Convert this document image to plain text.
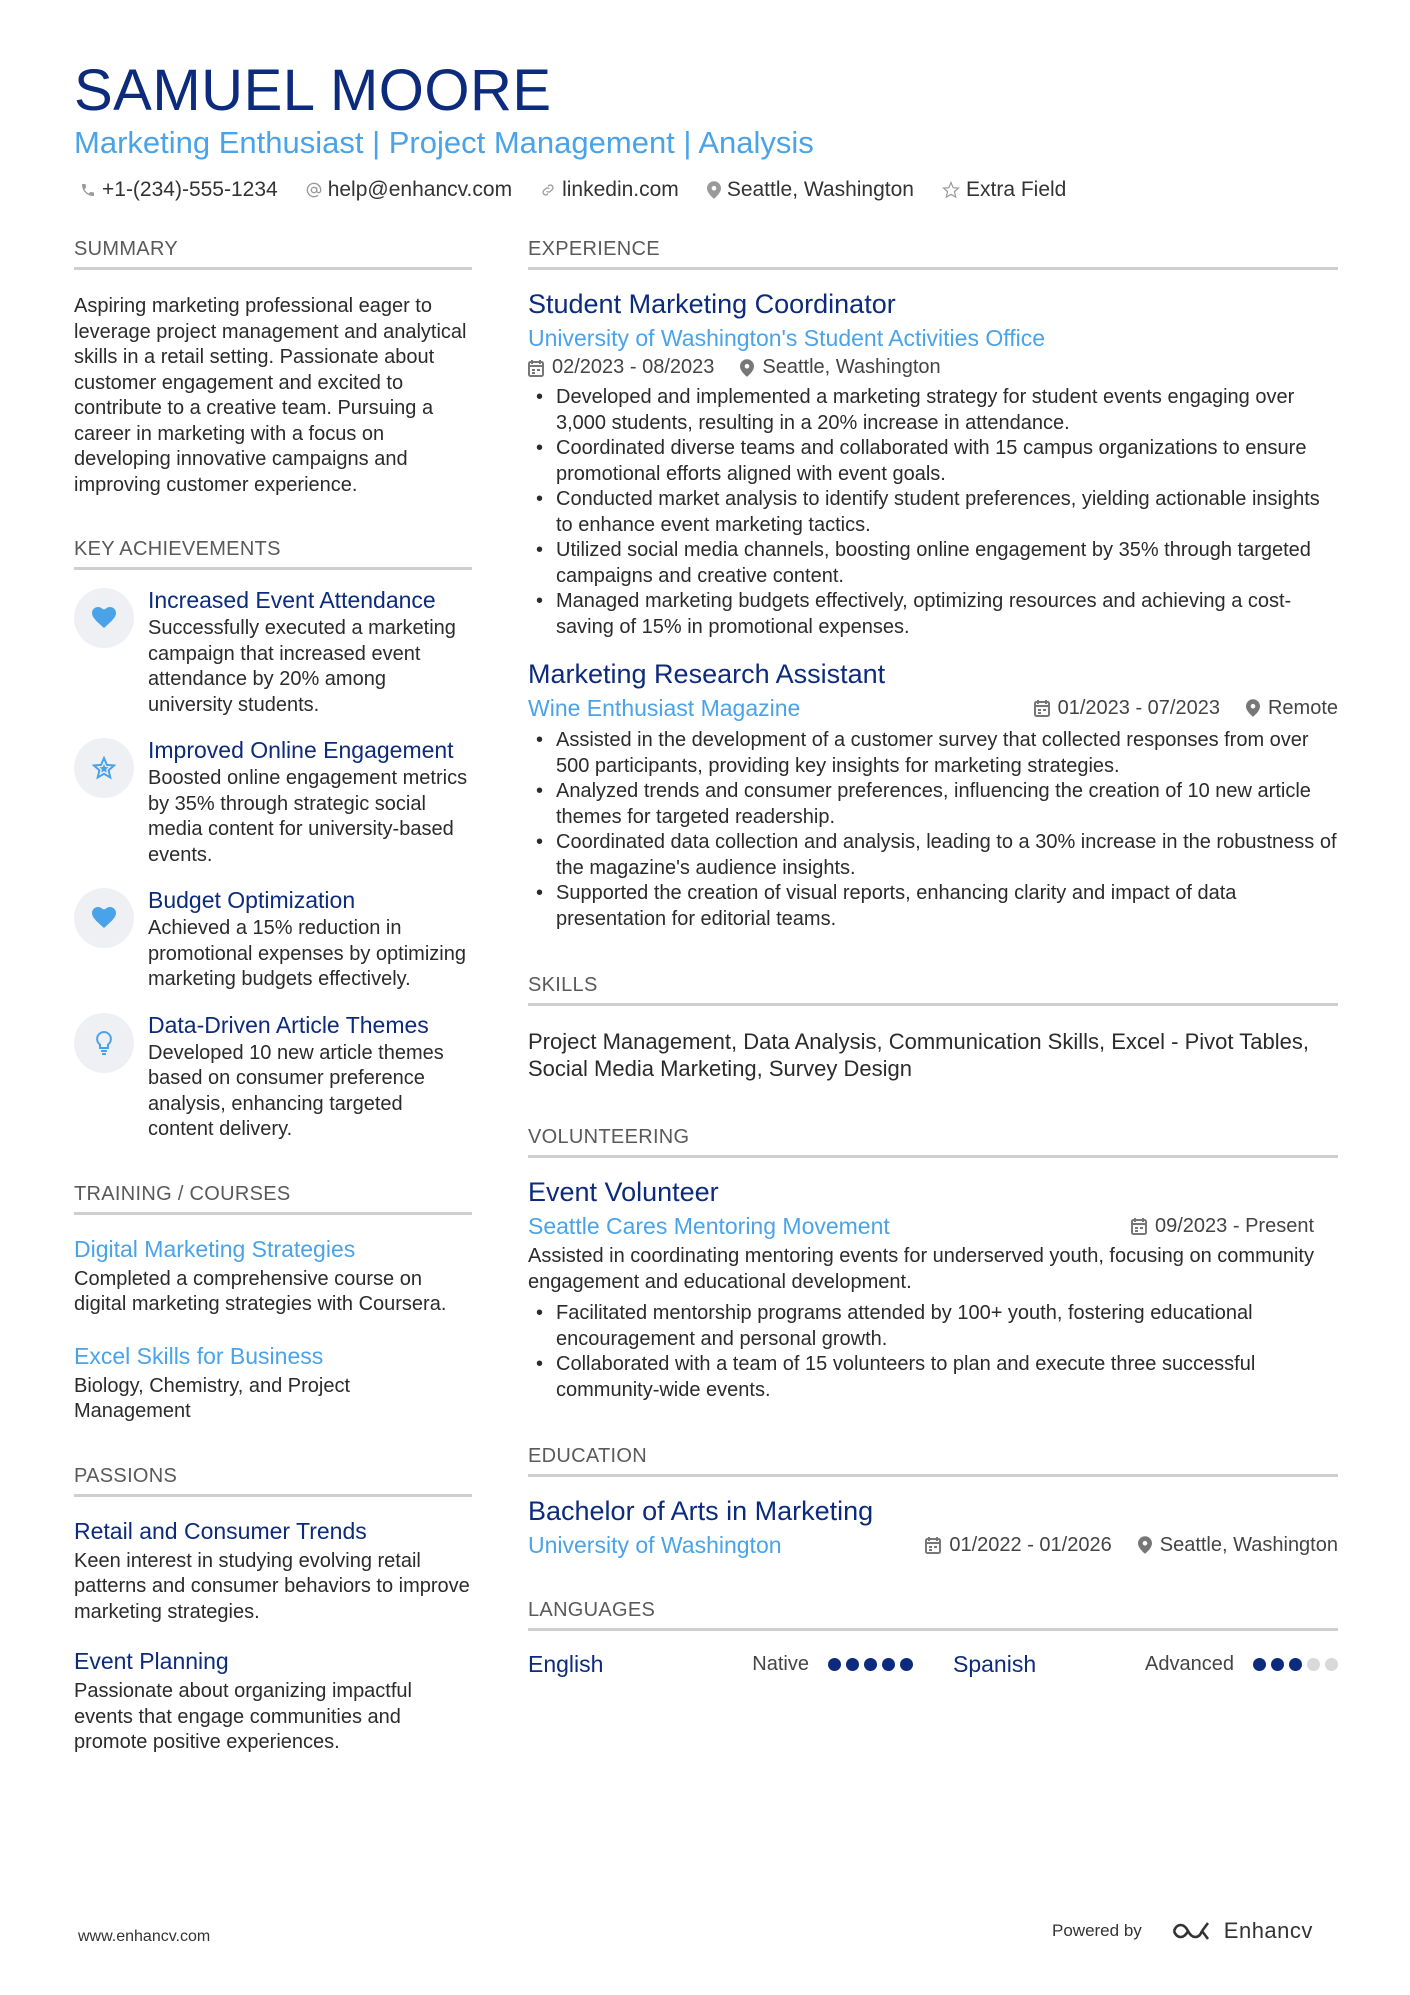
SAMUEL MOORE
Marketing Enthusiast | Project Management | Analysis
+1-(234)-555-1234 help@enhancv.com linkedin.com Seattle, Washington Extra Field
SUMMARY
Aspiring marketing professional eager to leverage project management and analytical skills in a retail setting. Passionate about customer engagement and excited to contribute to a creative team. Pursuing a career in marketing with a focus on developing innovative campaigns and improving customer experience.
KEY ACHIEVEMENTS
Increased Event Attendance
Successfully executed a marketing campaign that increased event attendance by 20% among university students.
Improved Online Engagement
Boosted online engagement metrics by 35% through strategic social media content for university-based events.
Budget Optimization
Achieved a 15% reduction in promotional expenses by optimizing marketing budgets effectively.
Data-Driven Article Themes
Developed 10 new article themes based on consumer preference analysis, enhancing targeted content delivery.
TRAINING / COURSES
Digital Marketing Strategies
Completed a comprehensive course on digital marketing strategies with Coursera.
Excel Skills for Business
Biology, Chemistry, and Project Management
PASSIONS
Retail and Consumer Trends
Keen interest in studying evolving retail patterns and consumer behaviors to improve marketing strategies.
Event Planning
Passionate about organizing impactful events that engage communities and promote positive experiences.
EXPERIENCE
Student Marketing Coordinator
University of Washington's Student Activities Office
02/2023 - 08/2023 Seattle, Washington
• Developed and implemented a marketing strategy for student events engaging over 3,000 students, resulting in a 20% increase in attendance.
• Coordinated diverse teams and collaborated with 15 campus organizations to ensure promotional efforts aligned with event goals.
• Conducted market analysis to identify student preferences, yielding actionable insights to enhance event marketing tactics.
• Utilized social media channels, boosting online engagement by 35% through targeted campaigns and creative content.
• Managed marketing budgets effectively, optimizing resources and achieving a cost-saving of 15% in promotional expenses.
Marketing Research Assistant
Wine Enthusiast Magazine	01/2023 - 07/2023 Remote
• Assisted in the development of a customer survey that collected responses from over 500 participants, providing key insights for marketing strategies.
• Analyzed trends and consumer preferences, influencing the creation of 10 new article themes for targeted readership.
• Coordinated data collection and analysis, leading to a 30% increase in the robustness of the magazine's audience insights.
• Supported the creation of visual reports, enhancing clarity and impact of data presentation for editorial teams.
SKILLS
Project Management, Data Analysis, Communication Skills, Excel - Pivot Tables, Social Media Marketing, Survey Design
VOLUNTEERING
Event Volunteer
Seattle Cares Mentoring Movement	09/2023 - Present
Assisted in coordinating mentoring events for underserved youth, focusing on community engagement and educational development.
• Facilitated mentorship programs attended by 100+ youth, fostering educational encouragement and personal growth.
• Collaborated with a team of 15 volunteers to plan and execute three successful community-wide events.
EDUCATION
Bachelor of Arts in Marketing
University of Washington	01/2022 - 01/2026 Seattle, Washington
LANGUAGES
English	Native	Spanish	Advanced
www.enhancv.com	Powered by	Enhancv
